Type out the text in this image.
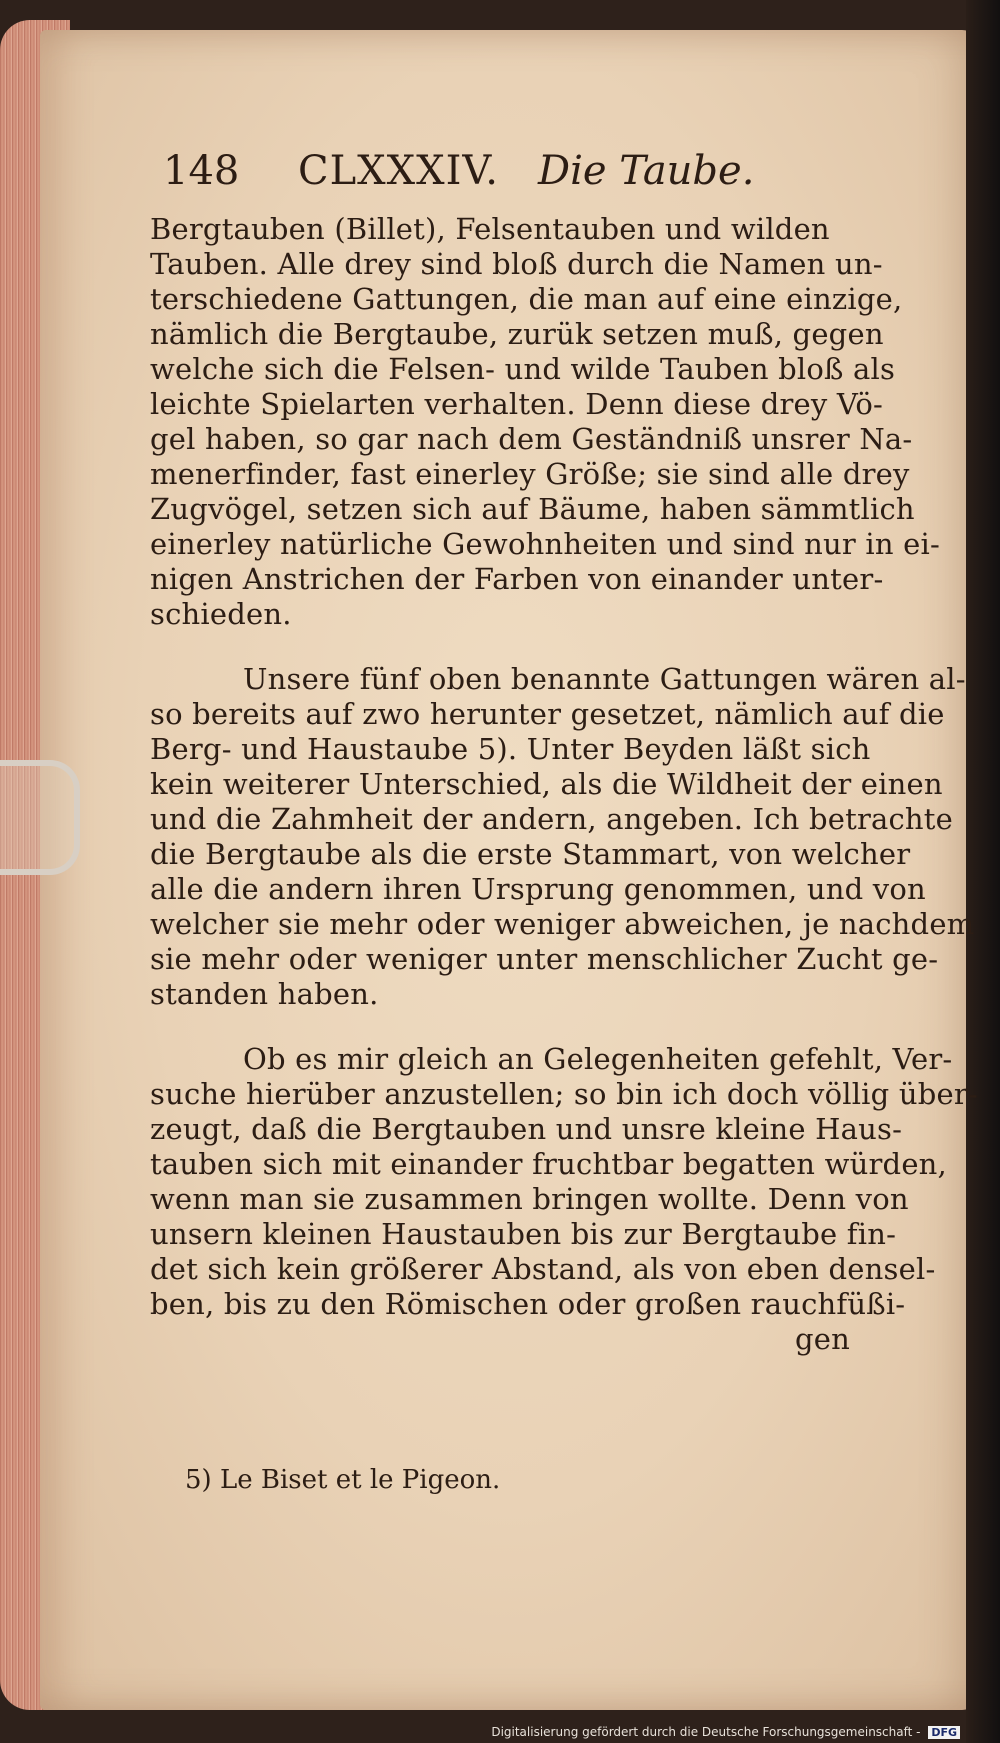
148 CLXXXIV. Die Taube.
Bergtauben (Billet), Felsentauben und wilden
Tauben. Alle drey sind bloß durch die Namen un-
terschiedene Gattungen, die man auf eine einzige,
nämlich die Bergtaube, zurük setzen muß, gegen
welche sich die Felsen- und wilde Tauben bloß als
leichte Spielarten verhalten. Denn diese drey Vö-
gel haben, so gar nach dem Geständniß unsrer Na-
menerfinder, fast einerley Größe; sie sind alle drey
Zugvögel, setzen sich auf Bäume, haben sämmtlich
einerley natürliche Gewohnheiten und sind nur in ei-
nigen Anstrichen der Farben von einander unter-
schieden.
Unsere fünf oben benannte Gattungen wären al-
so bereits auf zwo herunter gesetzet, nämlich auf die
Berg- und Haustaube 5). Unter Beyden läßt sich
kein weiterer Unterschied, als die Wildheit der einen
und die Zahmheit der andern, angeben. Ich betrachte
die Bergtaube als die erste Stammart, von welcher
alle die andern ihren Ursprung genommen, und von
welcher sie mehr oder weniger abweichen, je nachdem
sie mehr oder weniger unter menschlicher Zucht ge-
standen haben.
Ob es mir gleich an Gelegenheiten gefehlt, Ver-
suche hierüber anzustellen; so bin ich doch völlig über-
zeugt, daß die Bergtauben und unsre kleine Haus-
tauben sich mit einander fruchtbar begatten würden,
wenn man sie zusammen bringen wollte. Denn von
unsern kleinen Haustauben bis zur Bergtaube fin-
det sich kein größerer Abstand, als von eben densel-
ben, bis zu den Römischen oder großen rauchfüßi-
gen
5) Le Biset et le Pigeon.
Digitalisierung gefördert durch die Deutsche Forschungsgemeinschaft - DFG
